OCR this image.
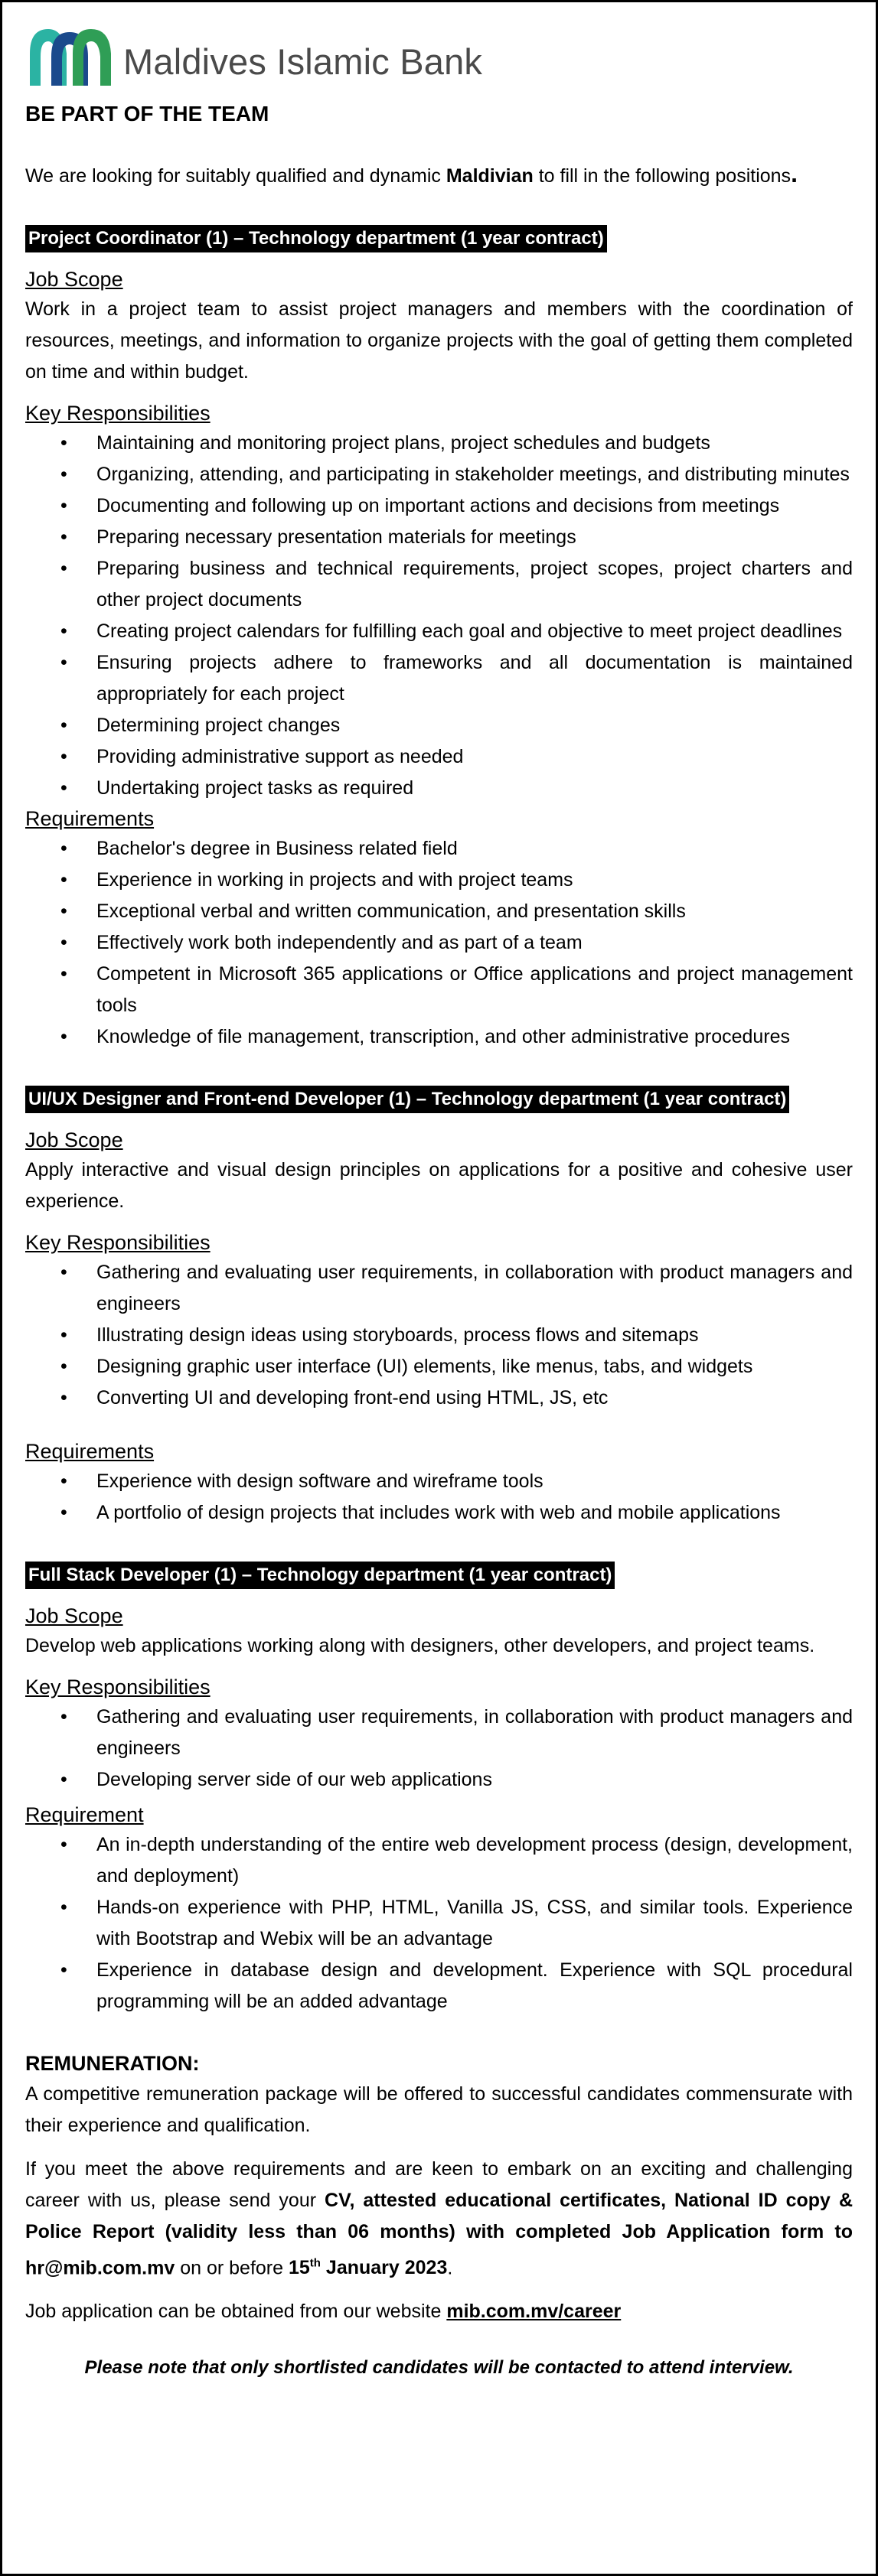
Maldives Islamic Bank
BE PART OF THE TEAM

We are looking for suitably qualified and dynamic Maldivian to fill in the following positions.

Project Coordinator (1) – Technology department (1 year contract)
Job Scope

Work in a project team to assist project managers and members with the coordination of resources, meetings, and information to organize projects with the goal of getting them completed on time and within budget.

Key Responsibilities
• Maintaining and monitoring project plans, project schedules and budgets
• Organizing, attending, and participating in stakeholder meetings, and distributing minutes
• Documenting and following up on important actions and decisions from meetings
• Preparing necessary presentation materials for meetings
• Preparing business and technical requirements, project scopes, project charters and other project documents
• Creating project calendars for fulfilling each goal and objective to meet project deadlines
• Ensuring projects adhere to frameworks and all documentation is maintained appropriately for each project
• Determining project changes
• Providing administrative support as needed
• Undertaking project tasks as required
Requirements
• Bachelor's degree in Business related field
• Experience in working in projects and with project teams
• Exceptional verbal and written communication, and presentation skills
• Effectively work both independently and as part of a team
• Competent in Microsoft 365 applications or Office applications and project management tools
• Knowledge of file management, transcription, and other administrative procedures
UI/UX Designer and Front-end Developer (1) – Technology department (1 year contract)
Job Scope

Apply interactive and visual design principles on applications for a positive and cohesive user experience.

Key Responsibilities
• Gathering and evaluating user requirements, in collaboration with product managers and engineers
• Illustrating design ideas using storyboards, process flows and sitemaps
• Designing graphic user interface (UI) elements, like menus, tabs, and widgets
• Converting UI and developing front-end using HTML, JS, etc
Requirements
• Experience with design software and wireframe tools
• A portfolio of design projects that includes work with web and mobile applications
Full Stack Developer (1) – Technology department (1 year contract)
Job Scope

Develop web applications working along with designers, other developers, and project teams.

Key Responsibilities
• Gathering and evaluating user requirements, in collaboration with product managers and engineers
• Developing server side of our web applications
Requirement
• An in-depth understanding of the entire web development process (design, development, and deployment)
• Hands-on experience with PHP, HTML, Vanilla JS, CSS, and similar tools. Experience with Bootstrap and Webix will be an advantage
• Experience in database design and development. Experience with SQL procedural programming will be an added advantage
REMUNERATION:

A competitive remuneration package will be offered to successful candidates commensurate with their experience and qualification.

If you meet the above requirements and are keen to embark on an exciting and challenging career with us, please send your CV, attested educational certificates, National ID copy & Police Report (validity less than 06 months) with completed Job Application form to hr@mib.com.mv on or before 15th January 2023.

Job application can be obtained from our website mib.com.mv/career

Please note that only shortlisted candidates will be contacted to attend interview.
